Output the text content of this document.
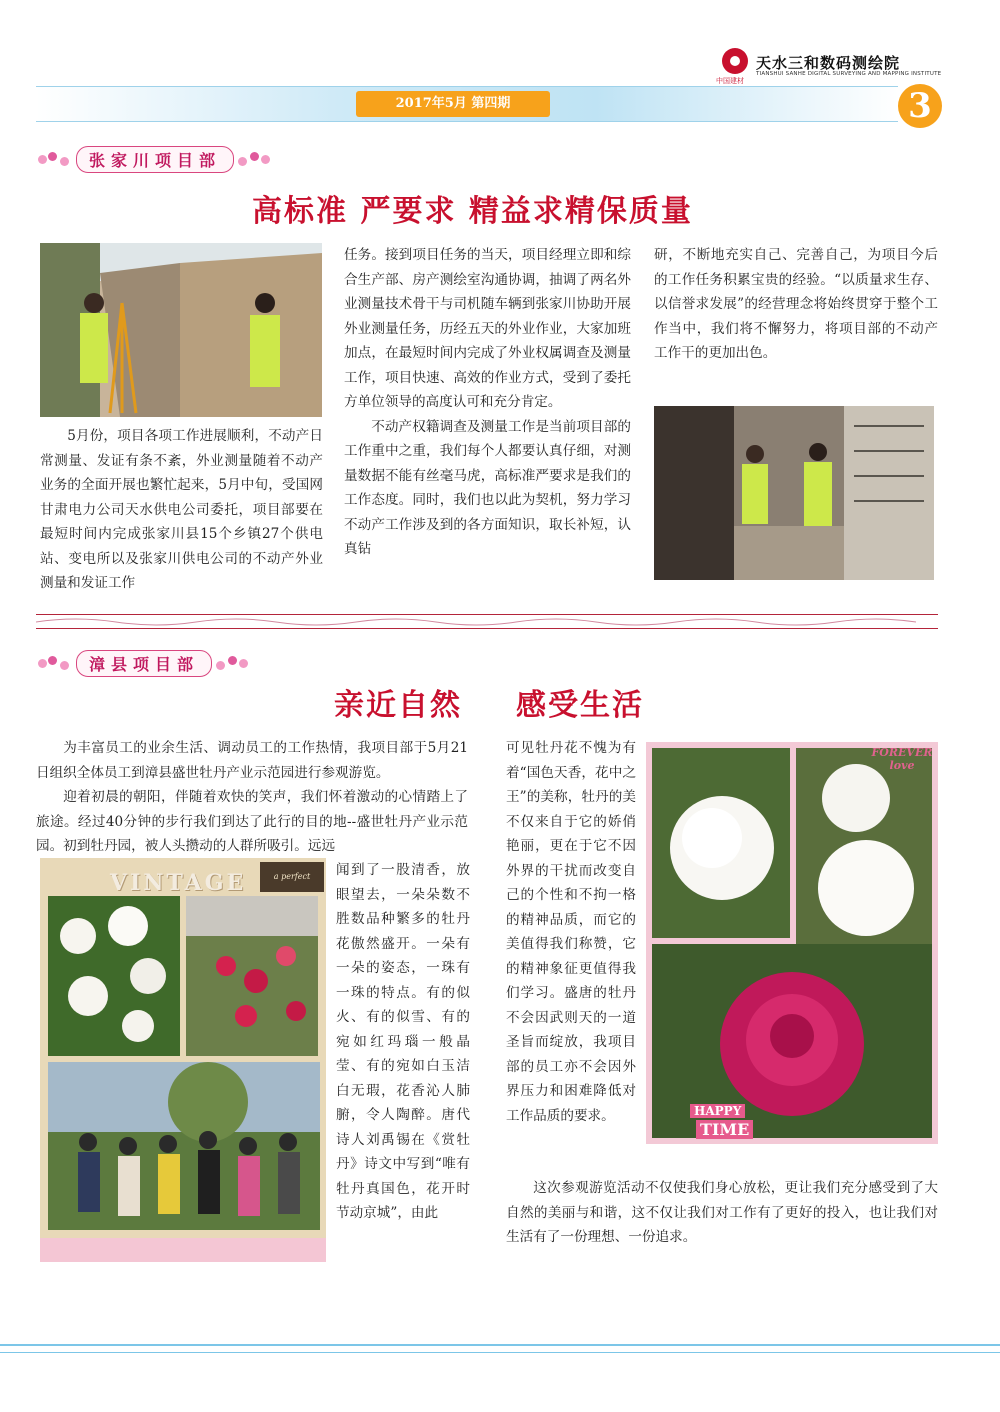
中国建材
天水三和数码测绘院
TIANSHUI SANHE DIGITAL SURVEYING AND MAPPING INSTITUTE
2017年5月 第四期	3
张家川项目部
高标准 严要求 精益求精保质量

5月份，项目各项工作进展顺利，不动产日常测量、发证有条不紊，外业测量随着不动产业务的全面开展也繁忙起来，5月中旬，受国网甘肃电力公司天水供电公司委托，项目部要在最短时间内完成张家川县15个乡镇27个供电站、变电所以及张家川供电公司的不动产外业测量和发证工作

任务。接到项目任务的当天，项目经理立即和综合生产部、房产测绘室沟通协调，抽调了两名外业测量技术骨干与司机随车辆到张家川协助开展外业测量任务，历经五天的外业作业，大家加班加点，在最短时间内完成了外业权属调查及测量工作，项目快速、高效的作业方式，受到了委托方单位领导的高度认可和充分肯定。

不动产权籍调查及测量工作是当前项目部的工作重中之重，我们每个人都要认真仔细，对测量数据不能有丝毫马虎，高标准严要求是我们的工作态度。同时，我们也以此为契机，努力学习不动产工作涉及到的各方面知识，取长补短，认真钻

研，不断地充实自己、完善自己，为项目今后的工作任务积累宝贵的经验。“以质量求生存、以信誉求发展”的经营理念将始终贯穿于整个工作当中，我们将不懈努力，将项目部的不动产工作干的更加出色。

漳县项目部
亲近自然 感受生活

为丰富员工的业余生活、调动员工的工作热情，我项目部于5月21日组织全体员工到漳县盛世牡丹产业示范园进行参观游览。

迎着初晨的朝阳，伴随着欢快的笑声，我们怀着激动的心情踏上了旅途。经过40分钟的步行我们到达了此行的目的地--盛世牡丹产业示范园。初到牡丹园，被人头攒动的人群所吸引。远远

VINTAGE	a perfect	闻到了一股清香，放眼望去，一朵朵数不胜数品种繁多的牡丹花傲然盛开。一朵有一朵的姿态，一珠有一珠的特点。有的似火、有的似雪、有的宛如红玛瑙一般晶莹、有的宛如白玉洁白无瑕，花香沁人肺腑，令人陶醉。唐代诗人刘禹锡在《赏牡丹》诗文中写到“唯有牡丹真国色，花开时节动京城”，由此

可见牡丹花不愧为有着“国色天香，花中之王”的美称，牡丹的美不仅来自于它的娇俏艳丽，更在于它不因外界的干扰而改变自己的个性和不拘一格的精神品质，而它的美值得我们称赞，它的精神象征更值得我们学习。盛唐的牡丹不会因武则天的一道圣旨而绽放，我项目部的员工亦不会因外界压力和困难降低对工作品质的要求。

FOREVER love
HAPPY
TIME

这次参观游览活动不仅使我们身心放松，更让我们充分感受到了大自然的美丽与和谐，这不仅让我们对工作有了更好的投入，也让我们对生活有了一份理想、一份追求。
